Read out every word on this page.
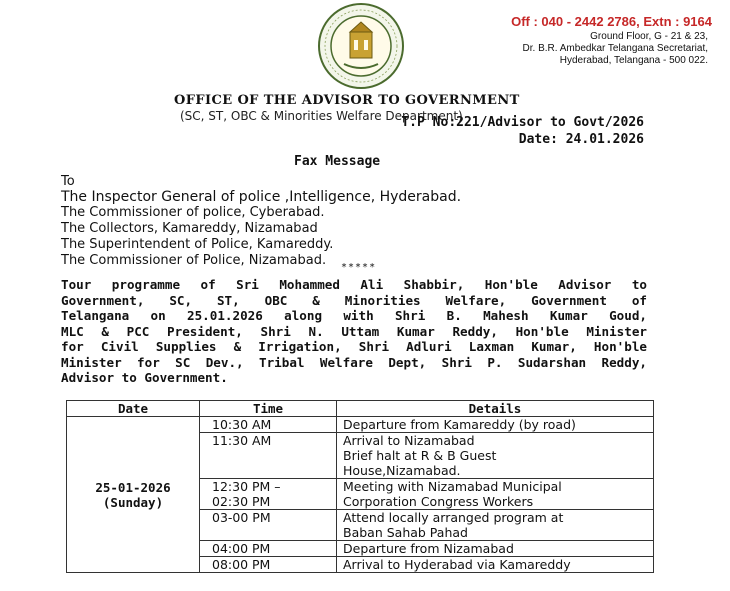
Off : 040 - 2442 2786, Extn : 9164
Ground Floor, G - 21 & 23,
Dr. B.R. Ambedkar Telangana Secretariat,
Hyderabad, Telangana - 500 022.
OFFICE OF THE ADVISOR TO GOVERNMENT
(SC, ST, OBC & Minorities Welfare Department)
T.P No:221/Advisor to Govt/2026
Date: 24.01.2026
Fax Message
To
The Inspector General of police ,Intelligence, Hyderabad.
The Commissioner of police, Cyberabad.
The Collectors, Kamareddy, Nizamabad
The Superintendent of Police, Kamareddy.
The Commissioner of Police, Nizamabad.	*****
Tour programme of Sri Mohammed Ali Shabbir, Hon'ble Advisor to
Government, SC, ST, OBC & Minorities Welfare, Government of
Telangana on 25.01.2026 along with Shri B. Mahesh Kumar Goud,
MLC & PCC President, Shri N. Uttam Kumar Reddy, Hon'ble Minister
for Civil Supplies & Irrigation, Shri Adluri Laxman Kumar, Hon'ble
Minister for SC Dev., Tribal Welfare Dept, Shri P. Sudarshan Reddy,
Advisor to Government.
Date	Time	Details

25-01-2026
(Sunday)	10:30 AM	Departure from Kamareddy (by road)

	11:30 AM	Arrival to Nizamabad
Brief halt at R & B Guest
House,Nizamabad.

	12:30 PM –
02:30 PM	Meeting with Nizamabad Municipal
Corporation Congress Workers

	03-00 PM	Attend locally arranged program at
Baban Sahab Pahad

	04:00 PM	Departure from Nizamabad

	08:00 PM	Arrival to Hyderabad via Kamareddy
